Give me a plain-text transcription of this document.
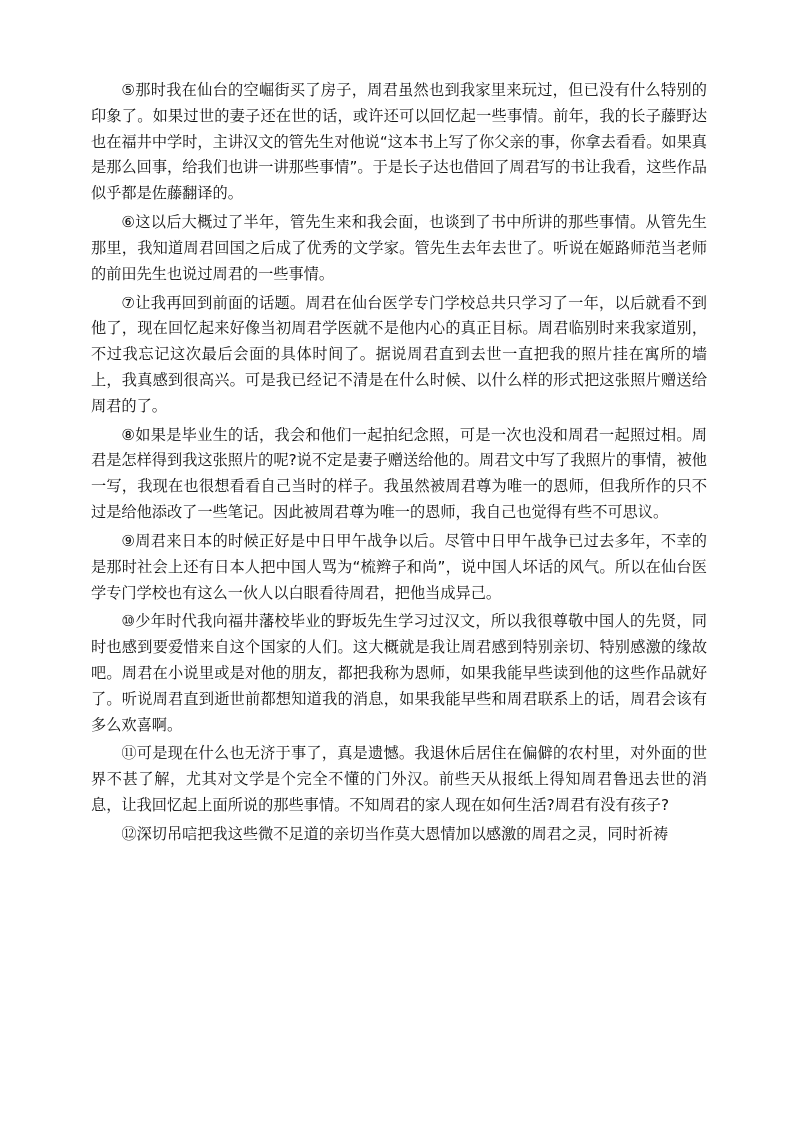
⑤那时我在仙台的空崛街买了房子，周君虽然也到我家里来玩过，但已没有什么特别的印象了。如果过世的妻子还在世的话，或许还可以回忆起一些事情。前年，我的长子藤野达也在福井中学时，主讲汉文的管先生对他说“这本书上写了你父亲的事，你拿去看看。如果真是那么回事，给我们也讲一讲那些事情”。于是长子达也借回了周君写的书让我看，这些作品似乎都是佐藤翻译的。

⑥这以后大概过了半年，管先生来和我会面，也谈到了书中所讲的那些事情。从管先生那里，我知道周君回国之后成了优秀的文学家。管先生去年去世了。听说在姬路师范当老师的前田先生也说过周君的一些事情。

⑦让我再回到前面的话题。周君在仙台医学专门学校总共只学习了一年，以后就看不到他了，现在回忆起来好像当初周君学医就不是他内心的真正目标。周君临别时来我家道别，不过我忘记这次最后会面的具体时间了。据说周君直到去世一直把我的照片挂在寓所的墙上，我真感到很高兴。可是我已经记不清是在什么时候、以什么样的形式把这张照片赠送给周君的了。

⑧如果是毕业生的话，我会和他们一起拍纪念照，可是一次也没和周君一起照过相。周君是怎样得到我这张照片的呢?说不定是妻子赠送给他的。周君文中写了我照片的事情，被他一写，我现在也很想看看自己当时的样子。我虽然被周君尊为唯一的恩师，但我所作的只不过是给他添改了一些笔记。因此被周君尊为唯一的恩师，我自己也觉得有些不可思议。

⑨周君来日本的时候正好是中日甲午战争以后。尽管中日甲午战争已过去多年，不幸的是那时社会上还有日本人把中国人骂为“梳辫子和尚”，说中国人坏话的风气。所以在仙台医学专门学校也有这么一伙人以白眼看待周君，把他当成异己。

⑩少年时代我向福井藩校毕业的野坂先生学习过汉文，所以我很尊敬中国人的先贤，同时也感到要爱惜来自这个国家的人们。这大概就是我让周君感到特别亲切、特别感激的缘故吧。周君在小说里或是对他的朋友，都把我称为恩师，如果我能早些读到他的这些作品就好了。听说周君直到逝世前都想知道我的消息，如果我能早些和周君联系上的话，周君会该有多么欢喜啊。

⑪可是现在什么也无济于事了，真是遗憾。我退休后居住在偏僻的农村里，对外面的世界不甚了解，尤其对文学是个完全不懂的门外汉。前些天从报纸上得知周君鲁迅去世的消息，让我回忆起上面所说的那些事情。不知周君的家人现在如何生活?周君有没有孩子?

⑫深切吊唁把我这些微不足道的亲切当作莫大恩情加以感激的周君之灵，同时祈祷
